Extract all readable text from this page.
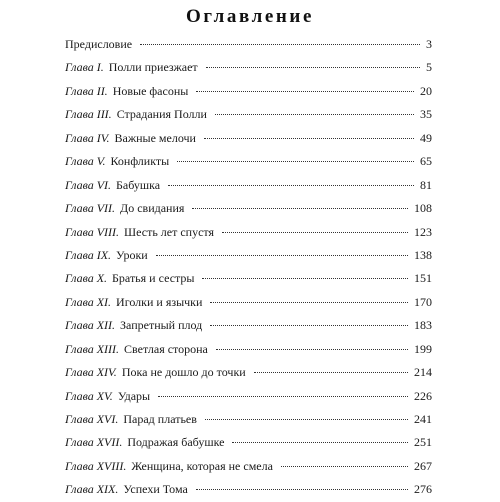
Оглавление
Предисловие	3
Глава I. Полли приезжает	5
Глава II. Новые фасоны	20
Глава III. Страдания Полли	35
Глава IV. Важные мелочи	49
Глава V. Конфликты	65
Глава VI. Бабушка	81
Глава VII. До свидания	108
Глава VIII. Шесть лет спустя	123
Глава IX. Уроки	138
Глава X. Братья и сестры	151
Глава XI. Иголки и язычки	170
Глава XII. Запретный плод	183
Глава XIII. Светлая сторона	199
Глава XIV. Пока не дошло до точки	214
Глава XV. Удары	226
Глава XVI. Парад платьев	241
Глава XVII. Подражая бабушке	251
Глава XVIII. Женщина, которая не смела	267
Глава XIX. Успехи Тома	276
